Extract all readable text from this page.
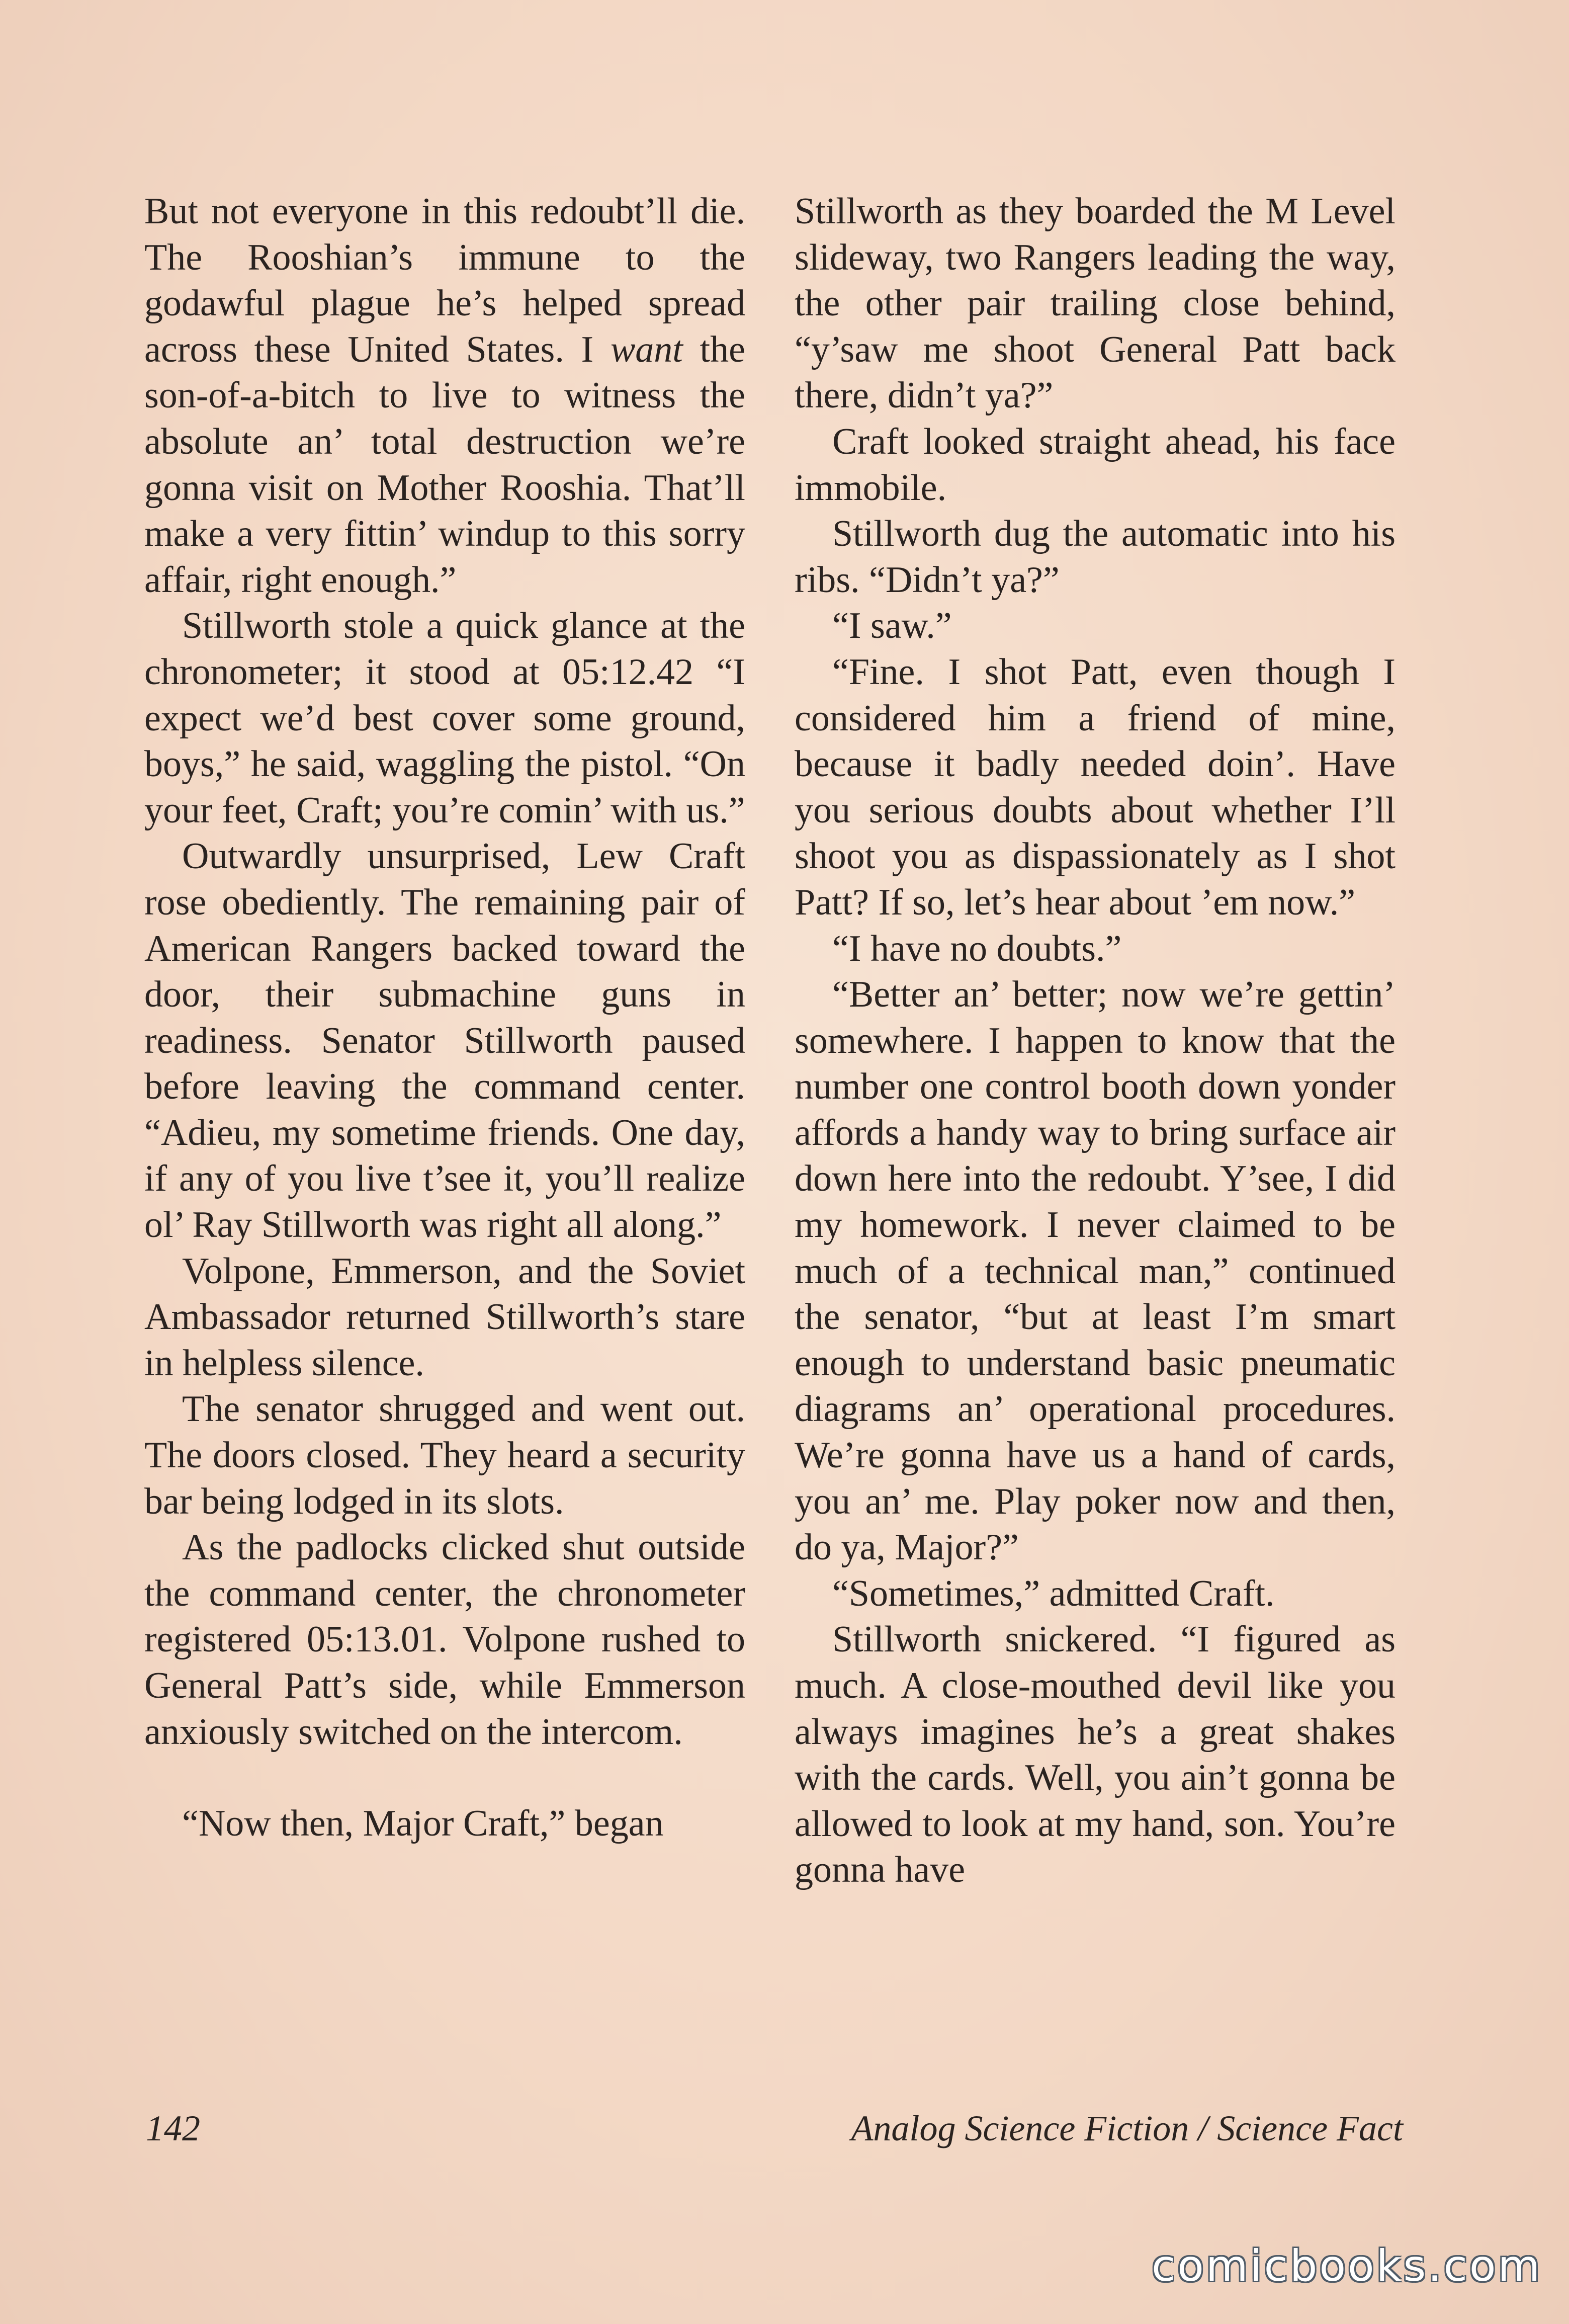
But not everyone in this redoubt’ll die. The Rooshian’s immune to the godawful plague he’s helped spread across these United States. I want the son-of-a-bitch to live to witness the absolute an’ total destruction we’re gonna visit on Mother Rooshia. That’ll make a very fittin’ windup to this sorry affair, right enough.”

Stillworth stole a quick glance at the chronometer; it stood at 05:12.42 “I expect we’d best cover some ground, boys,” he said, waggling the pistol. “On your feet, Craft; you’re comin’ with us.”

Outwardly unsurprised, Lew Craft rose obediently. The remaining pair of American Rangers backed toward the door, their submachine guns in readiness. Senator Stillworth paused before leaving the command center. “Adieu, my sometime friends. One day, if any of you live t’see it, you’ll realize ol’ Ray Stillworth was right all along.”

Volpone, Emmerson, and the Soviet Ambassador returned Stillworth’s stare in helpless silence.

The senator shrugged and went out. The doors closed. They heard a security bar being lodged in its slots.

As the padlocks clicked shut outside the command center, the chronometer registered 05:13.01. Volpone rushed to General Patt’s side, while Emmerson anxiously switched on the intercom.

“Now then, Major Craft,” began

Stillworth as they boarded the M Level slideway, two Rangers leading the way, the other pair trailing close behind, “y’saw me shoot General Patt back there, didn’t ya?”

Craft looked straight ahead, his face immobile.

Stillworth dug the automatic into his ribs. “Didn’t ya?”

“I saw.”

“Fine. I shot Patt, even though I considered him a friend of mine, because it badly needed doin’. Have you serious doubts about whether I’ll shoot you as dispassionately as I shot Patt? If so, let’s hear about ’em now.”

“I have no doubts.”

“Better an’ better; now we’re gettin’ somewhere. I happen to know that the number one control booth down yonder affords a handy way to bring surface air down here into the redoubt. Y’see, I did my homework. I never claimed to be much of a technical man,” continued the senator, “but at least I’m smart enough to understand basic pneumatic diagrams an’ operational procedures. We’re gonna have us a hand of cards, you an’ me. Play poker now and then, do ya, Major?”

“Sometimes,” admitted Craft.

Stillworth snickered. “I figured as much. A close-mouthed devil like you always imagines he’s a great shakes with the cards. Well, you ain’t gonna be allowed to look at my hand, son. You’re gonna have

142	Analog Science Fiction / Science Fact
comicbooks.com
